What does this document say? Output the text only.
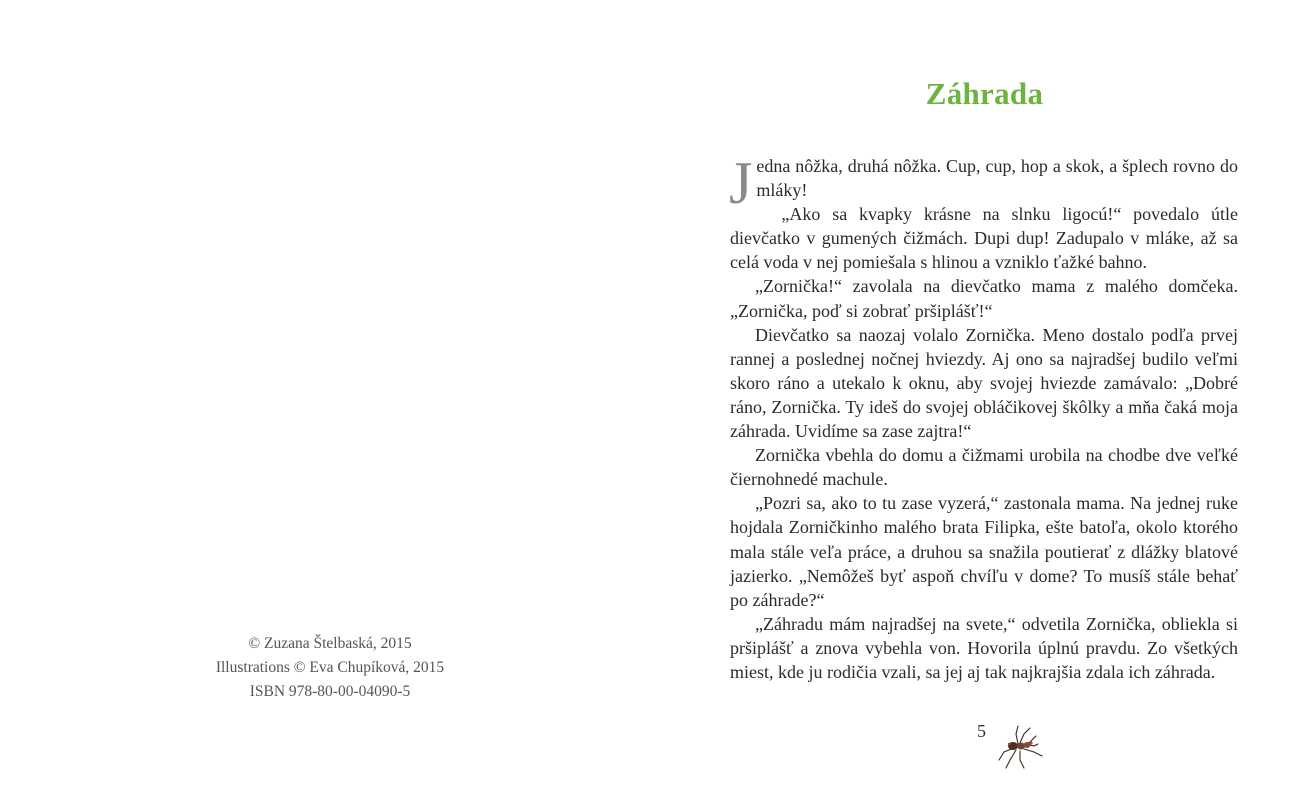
© Zuzana Štelbaská, 2015
Illustrations © Eva Chupíková, 2015
ISBN 978-80-00-04090-5
Záhrada

Jedna nôžka, druhá nôžka. Cup, cup, hop a skok, a šplech rovno do mláky!

„Ako sa kvapky krásne na slnku ligocú!“ povedalo útle dievčatko v gumených čižmách. Dupi dup! Zadupalo v mláke, až sa celá voda v nej pomiešala s hlinou a vzniklo ťažké bahno.

„Zornička!“ zavolala na dievčatko mama z malého domčeka. „Zornička, poď si zobrať pršiplášť!“

Dievčatko sa naozaj volalo Zornička. Meno dostalo podľa prvej rannej a poslednej nočnej hviezdy. Aj ono sa najradšej budilo veľmi skoro ráno a utekalo k oknu, aby svojej hviezde zamávalo: „Dobré ráno, Zornička. Ty ideš do svojej obláčikovej škôlky a mňa čaká moja záhrada. Uvidíme sa zase zajtra!“

Zornička vbehla do domu a čižmami urobila na chodbe dve veľké čiernohnedé machule.

„Pozri sa, ako to tu zase vyzerá,“ zastonala mama. Na jednej ruke hojdala Zorničkinho malého brata Filipka, ešte batoľa, okolo ktorého mala stále veľa práce, a druhou sa snažila poutierať z dlážky blatové jazierko. „Nemôžeš byť aspoň chvíľu v dome? To musíš stále behať po záhrade?“

„Záhradu mám najradšej na svete,“ odvetila Zornička, obliekla si pršiplášť a znova vybehla von. Hovorila úplnú pravdu. Zo všetkých miest, kde ju rodičia vzali, sa jej aj tak najkrajšia zdala ich záhrada.

5
